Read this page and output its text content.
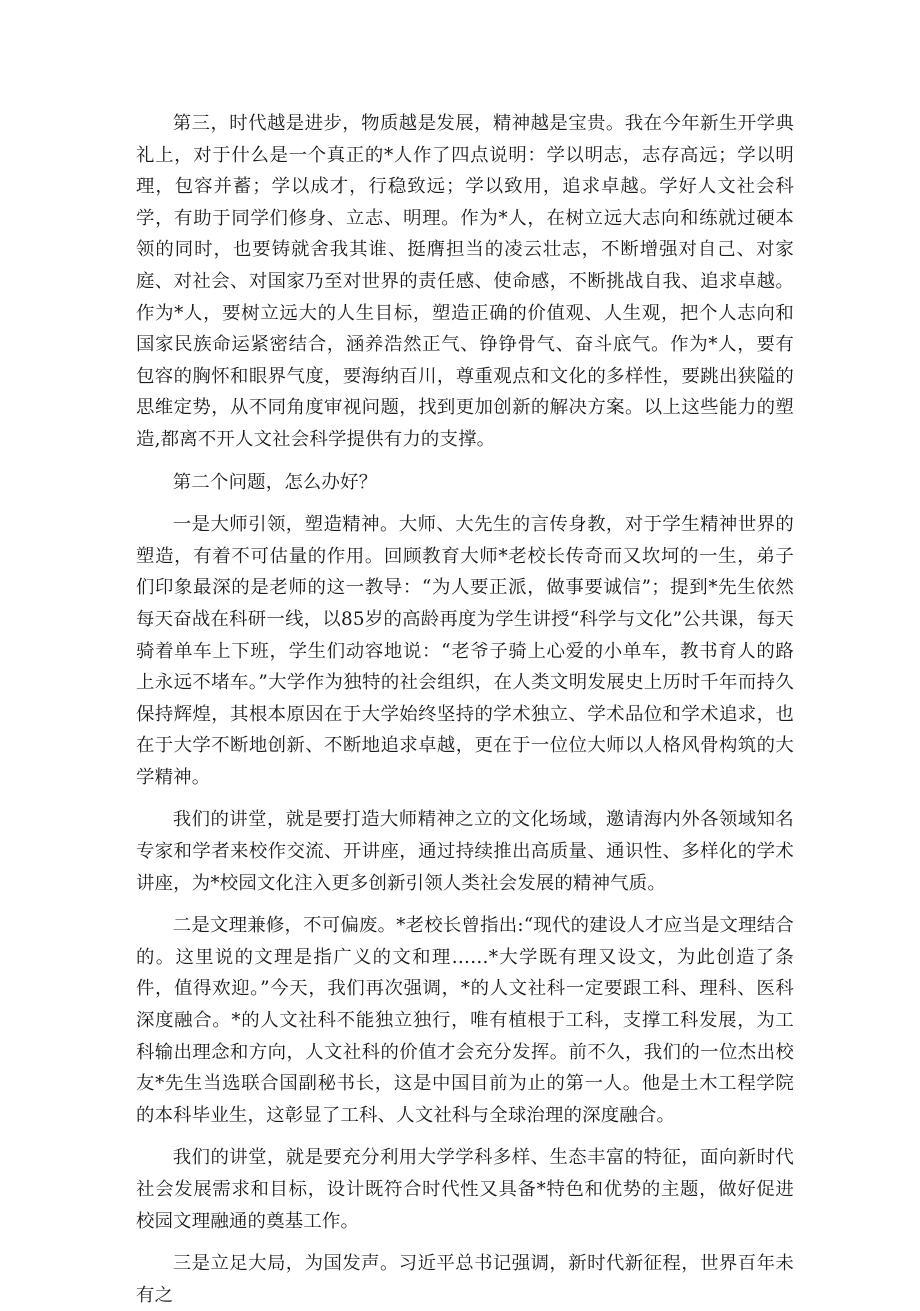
第三，时代越是进步，物质越是发展，精神越是宝贵。我在今年新生开学典礼上，对于什么是一个真正的*人作了四点说明：学以明志，志存高远；学以明理，包容并蓄；学以成才，行稳致远；学以致用，追求卓越。学好人文社会科学，有助于同学们修身、立志、明理。作为*人，在树立远大志向和练就过硬本领的同时，也要铸就舍我其谁、挺膺担当的凌云壮志，不断增强对自己、对家庭、对社会、对国家乃至对世界的责任感、使命感，不断挑战自我、追求卓越。作为*人，要树立远大的人生目标，塑造正确的价值观、人生观，把个人志向和国家民族命运紧密结合，涵养浩然正气、铮铮骨气、奋斗底气。作为*人，要有包容的胸怀和眼界气度，要海纳百川，尊重观点和文化的多样性，要跳出狭隘的思维定势，从不同角度审视问题，找到更加创新的解决方案。以上这些能力的塑造,都离不开人文社会科学提供有力的支撑。

第二个问题，怎么办好？

一是大师引领，塑造精神。大师、大先生的言传身教，对于学生精神世界的塑造，有着不可估量的作用。回顾教育大师*老校长传奇而又坎坷的一生，弟子们印象最深的是老师的这一教导：“为人要正派，做事要诚信”；提到*先生依然每天奋战在科研一线，以85岁的高龄再度为学生讲授“科学与文化”公共课，每天骑着单车上下班，学生们动容地说：“老爷子骑上心爱的小单车，教书育人的路上永远不堵车。”大学作为独特的社会组织，在人类文明发展史上历时千年而持久保持辉煌，其根本原因在于大学始终坚持的学术独立、学术品位和学术追求，也在于大学不断地创新、不断地追求卓越，更在于一位位大师以人格风骨构筑的大学精神。

我们的讲堂，就是要打造大师精神之立的文化场域，邀请海内外各领域知名专家和学者来校作交流、开讲座，通过持续推出高质量、通识性、多样化的学术讲座，为*校园文化注入更多创新引领人类社会发展的精神气质。

二是文理兼修，不可偏废。*老校长曾指出:“现代的建设人才应当是文理结合的。这里说的文理是指广义的文和理……*大学既有理又设文，为此创造了条件，值得欢迎。”今天，我们再次强调，*的人文社科一定要跟工科、理科、医科深度融合。*的人文社科不能独立独行，唯有植根于工科，支撑工科发展，为工科输出理念和方向，人文社科的价值才会充分发挥。前不久，我们的一位杰出校友*先生当选联合国副秘书长，这是中国目前为止的第一人。他是土木工程学院的本科毕业生，这彰显了工科、人文社科与全球治理的深度融合。

我们的讲堂，就是要充分利用大学学科多样、生态丰富的特征，面向新时代社会发展需求和目标，设计既符合时代性又具备*特色和优势的主题，做好促进校园文理融通的奠基工作。

三是立足大局，为国发声。习近平总书记强调，新时代新征程，世界百年未有之
